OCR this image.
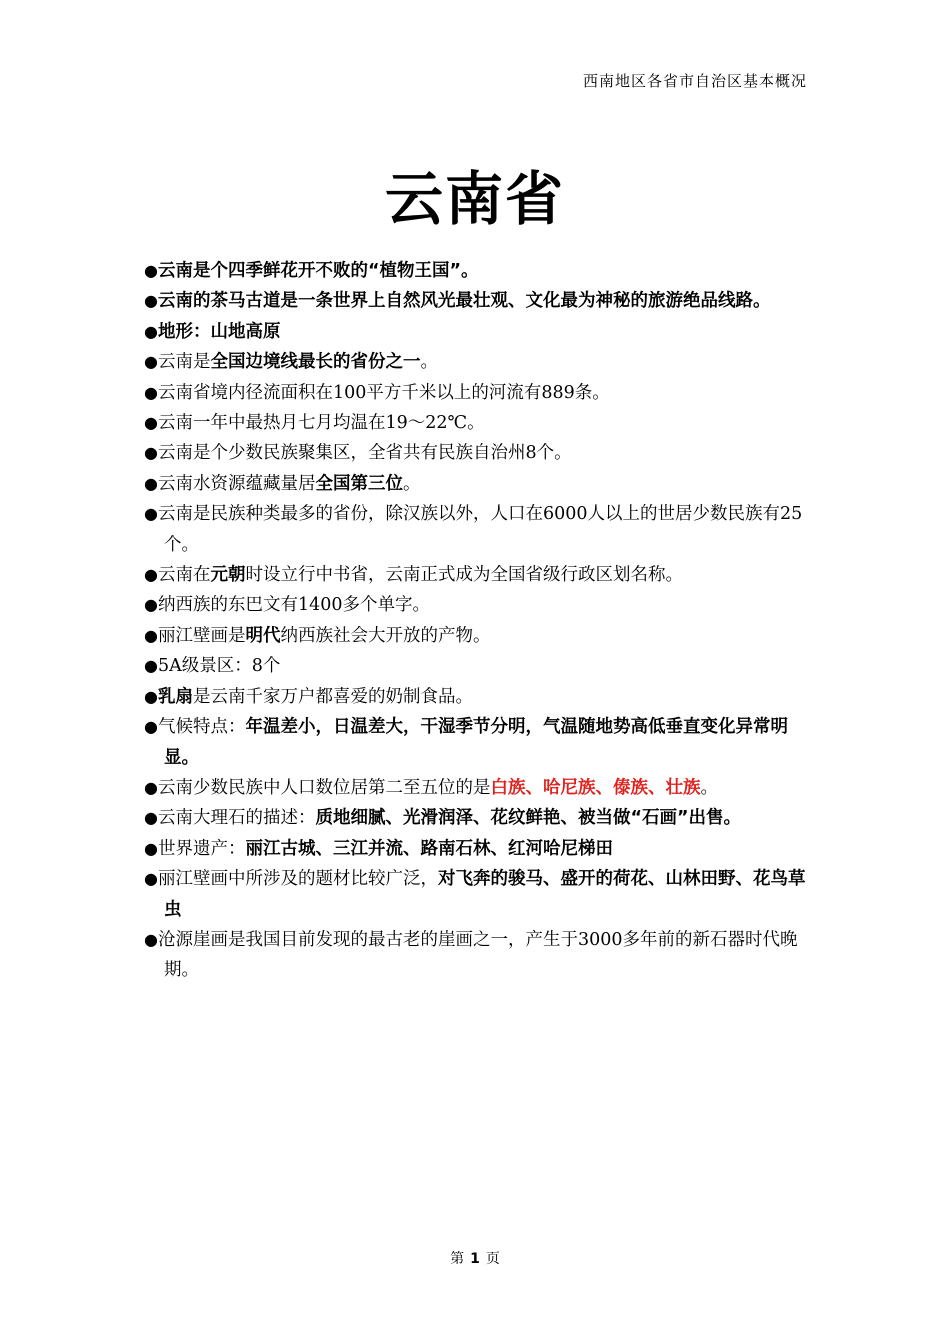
西南地区各省市自治区基本概况
云南省

●云南是个四季鲜花开不败的“植物王国”。

●云南的茶马古道是一条世界上自然风光最壮观、文化最为神秘的旅游绝品线路。

●地形：山地高原

●云南是全国边境线最长的省份之一。

●云南省境内径流面积在100平方千米以上的河流有889条。

●云南一年中最热月七月均温在19～22℃。

●云南是个少数民族聚集区，全省共有民族自治州8个。

●云南水资源蕴藏量居全国第三位。

●云南是民族种类最多的省份，除汉族以外，人口在6000人以上的世居少数民族有25个。

●云南在元朝时设立行中书省，云南正式成为全国省级行政区划名称。

●纳西族的东巴文有1400多个单字。

●丽江壁画是明代纳西族社会大开放的产物。

●5A级景区：8个

●乳扇是云南千家万户都喜爱的奶制食品。

●气候特点：年温差小，日温差大，干湿季节分明，气温随地势高低垂直变化异常明显。

●云南少数民族中人口数位居第二至五位的是白族、哈尼族、傣族、壮族。

●云南大理石的描述：质地细腻、光滑润泽、花纹鲜艳、被当做“石画”出售。

●世界遗产：丽江古城、三江并流、路南石林、红河哈尼梯田

●丽江壁画中所涉及的题材比较广泛，对飞奔的骏马、盛开的荷花、山林田野、花鸟草虫

●沧源崖画是我国目前发现的最古老的崖画之一，产生于3000多年前的新石器时代晚期。

第 1 页
